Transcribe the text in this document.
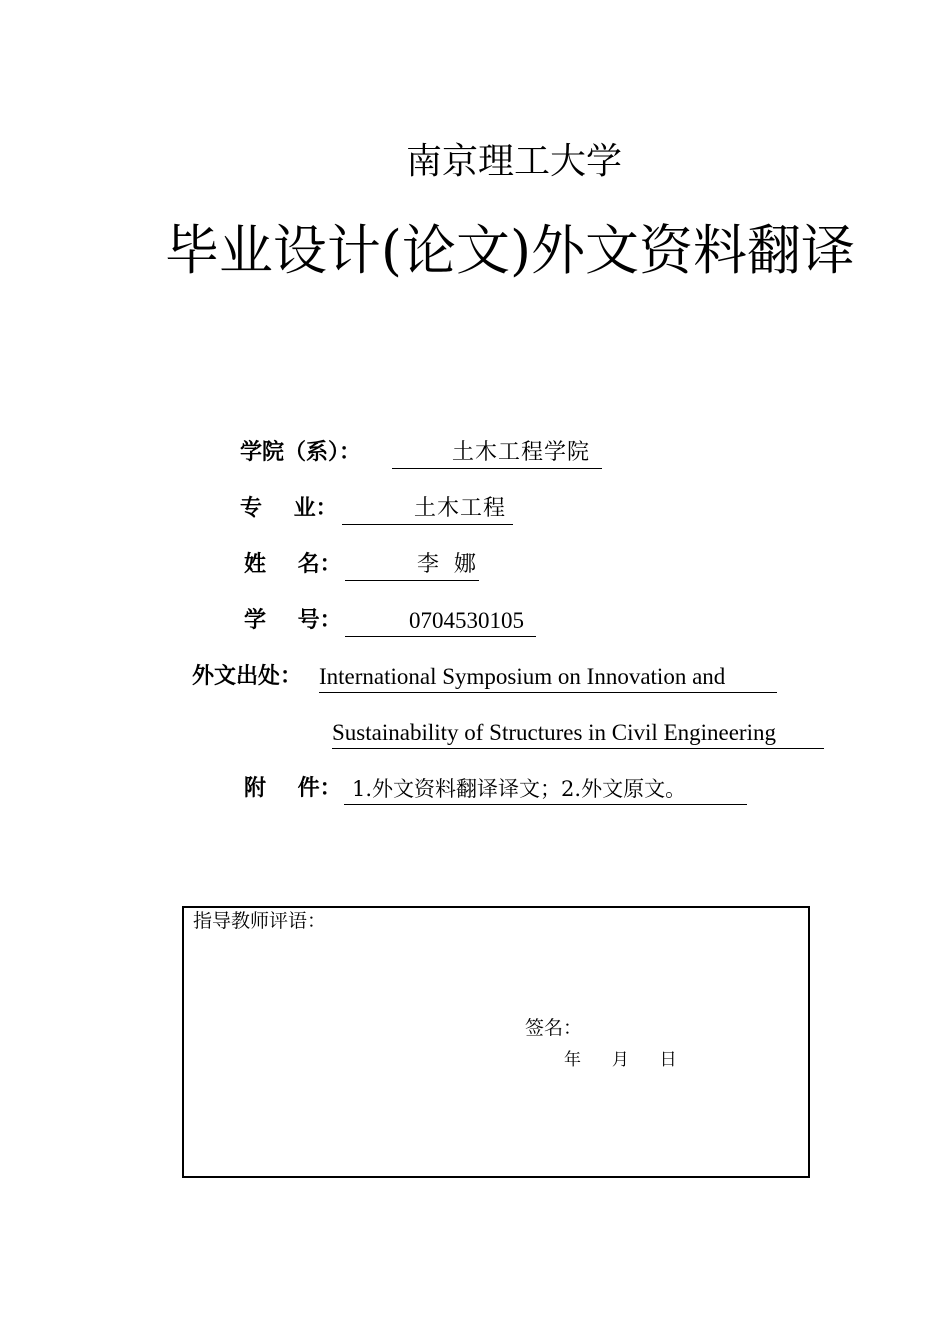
南京理工大学
毕业设计(论文)外文资料翻译
学院（系）：	土木工程学院
专 业：	土木工程
姓 名：	李 娜
学 号：	0704530105
外文出处： International Symposium on Innovation and
Sustainability of Structures in Civil Engineering
附 件： 1.外文资料翻译译文；2.外文原文。
指导教师评语：
签名：
年 月 日
